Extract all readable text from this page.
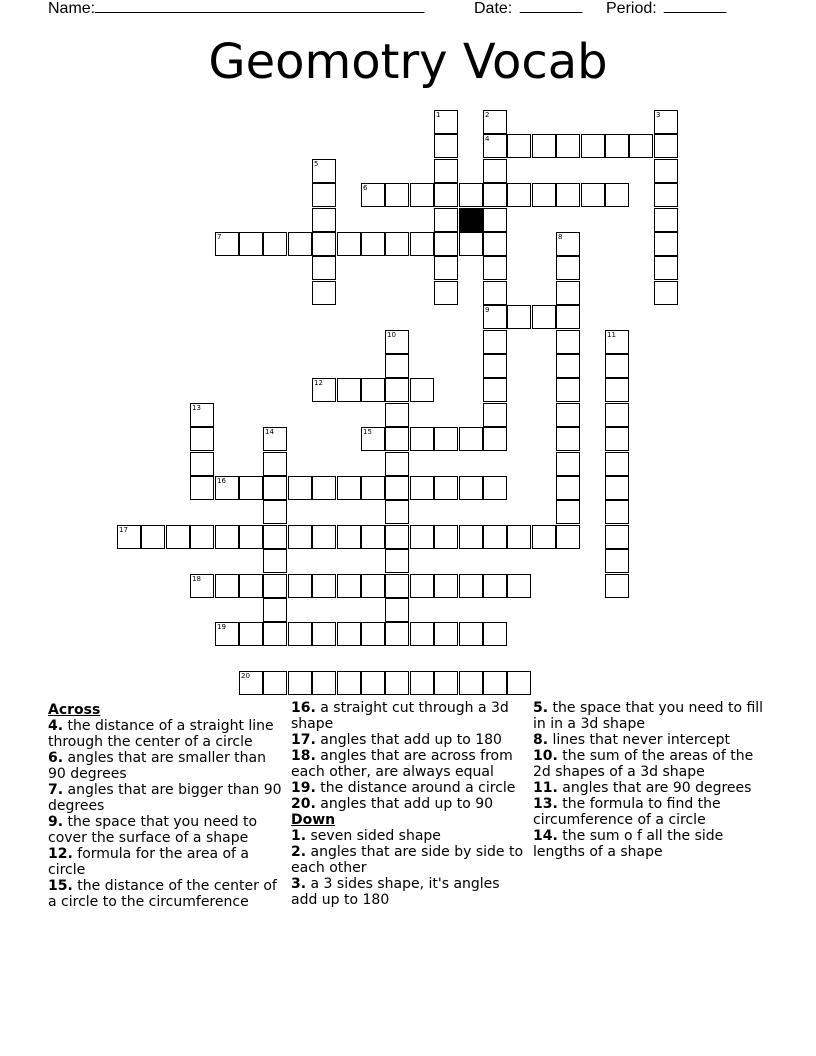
Name: _____________________________________	Date: _______ Period: _______
Geomotry Vocab
1	2
4
9
3
5
6
7	8
10	11
12
13
14	15
16
17
18
19
20

Across

4. the distance of a straight line through the center of a circle

6. angles that are smaller than 90 degrees

7. angles that are bigger than 90 degrees

9. the space that you need to cover the surface of a shape

12. formula for the area of a circle

15. the distance of the center of a circle to the circumference

16. a straight cut through a 3d shape

17. angles that add up to 180

18. angles that are across from each other, are always equal

19. the distance around a circle

20. angles that add up to 90

Down

1. seven sided shape

2. angles that are side by side to each other

3. a 3 sides shape, it's angles add up to 180

5. the space that you need to fill in in a 3d shape

8. lines that never intercept

10. the sum of the areas of the 2d shapes of a 3d shape

11. angles that are 90 degrees

13. the formula to find the circumference of a circle

14. the sum o f all the side lengths of a shape
